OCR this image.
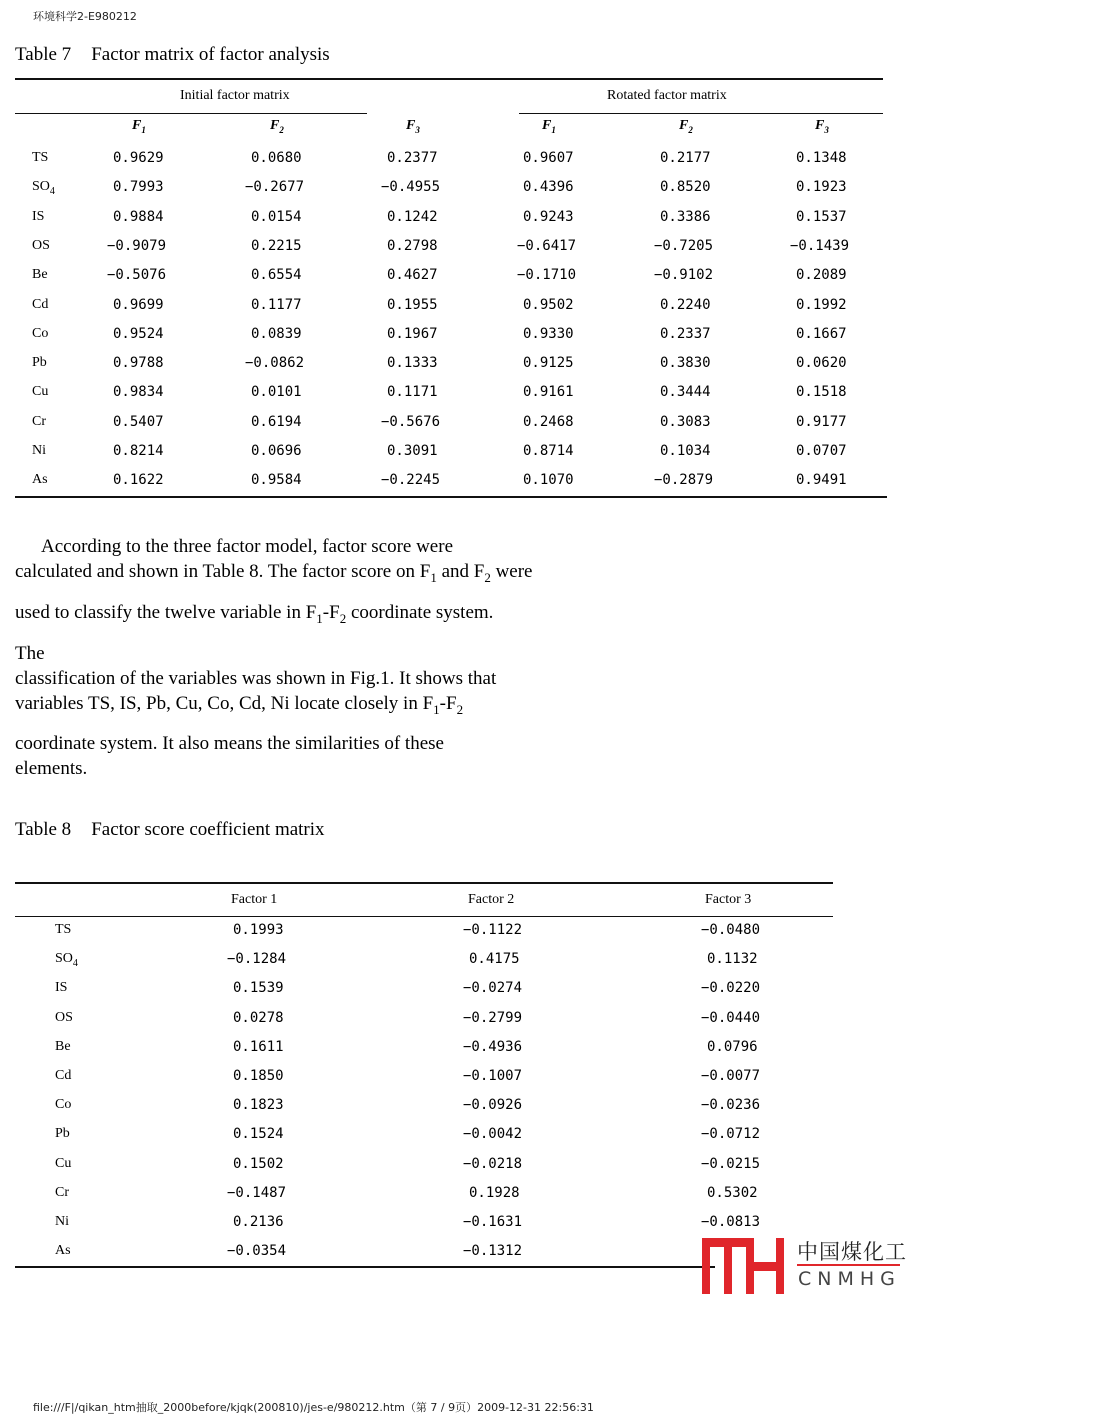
环境科学2-E980212
Table 7 Factor matrix of factor analysis
Initial factor matrix	Rotated factor matrix
$F_1$	$F_2$	$F_3$	$F_1$	$F_2$	$F_3$
TS	0.9629	0.0680	0.2377	0.9607	0.2177	0.1348
$SO_4$	0.7993	−0.2677	−0.4955	0.4396	0.8520	0.1923
IS	0.9884	0.0154	0.1242	0.9243	0.3386	0.1537
OS	−0.9079	0.2215	0.2798	−0.6417	−0.7205	−0.1439
Be	−0.5076	0.6554	0.4627	−0.1710	−0.9102	0.2089
Cd	0.9699	0.1177	0.1955	0.9502	0.2240	0.1992
Co	0.9524	0.0839	0.1967	0.9330	0.2337	0.1667
Pb	0.9788	−0.0862	0.1333	0.9125	0.3830	0.0620
Cu	0.9834	0.0101	0.1171	0.9161	0.3444	0.1518
Cr	0.5407	0.6194	−0.5676	0.2468	0.3083	0.9177
Ni	0.8214	0.0696	0.3091	0.8714	0.1034	0.0707
As	0.1622	0.9584	−0.2245	0.1070	−0.2879	0.9491

According to the three factor model, factor score were

calculated and shown in Table 8. The factor score on $F_1$ and $F_2$ were

used to classify the twelve variable in $F_1-F_2$ coordinate system.

The

classification of the variables was shown in Fig.1. It shows that

variables TS, IS, Pb, Cu, Co, Cd, Ni locate closely in $F_1-F_2$

coordinate system. It also means the similarities of these

elements.

Table 8 Factor score coefficient matrix
Factor 1	Factor 2	Factor 3
TS	0.1993	−0.1122	−0.0480
$SO_4$	−0.1284	0.4175	0.1132
IS	0.1539	−0.0274	−0.0220
OS	0.0278	−0.2799	−0.0440
Be	0.1611	−0.4936	0.0796
Cd	0.1850	−0.1007	−0.0077
Co	0.1823	−0.0926	−0.0236
Pb	0.1524	−0.0042	−0.0712
Cu	0.1502	−0.0218	−0.0215
Cr	−0.1487	0.1928	0.5302
Ni	0.2136	−0.1631	−0.0813
As	−0.0354	−0.1312	中国煤化工
CNMHG
file:///F|/qikan_htm抽取_2000before/kjqk(200810)/jes-e/980212.htm（第 7 / 9页）2009-12-31 22:56:31
